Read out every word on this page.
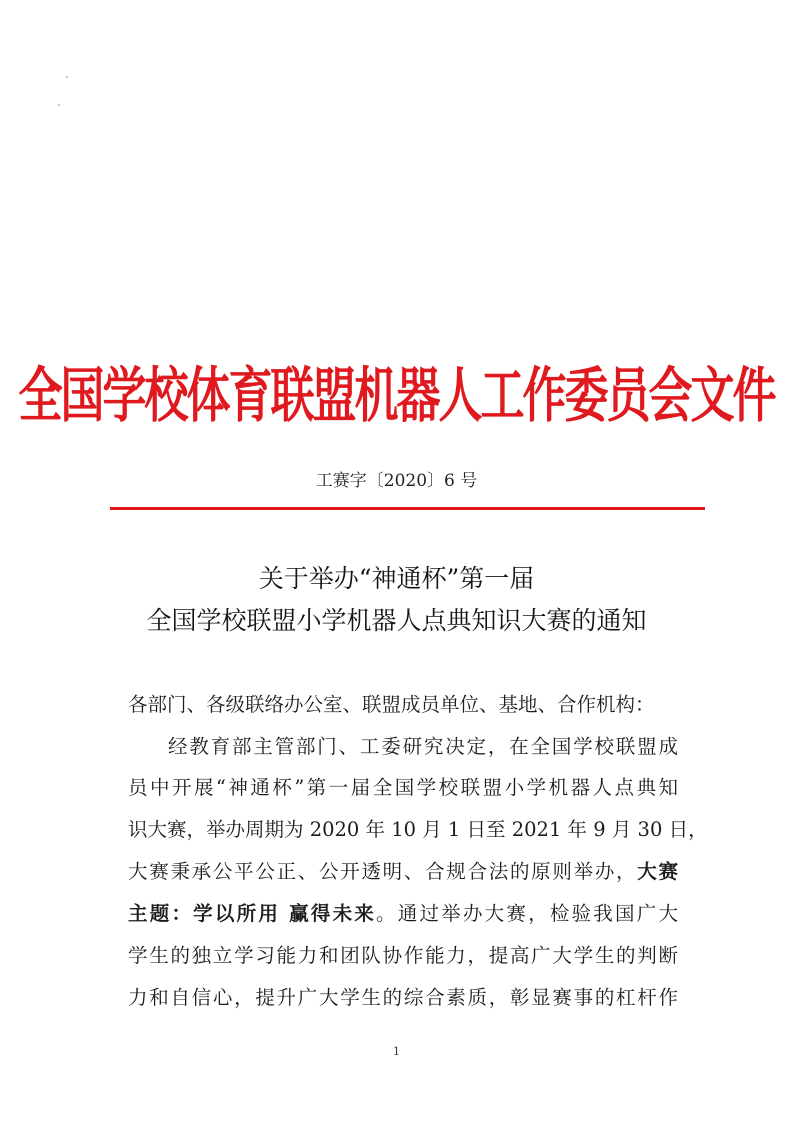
全国学校体育联盟机器人工作委员会文件
工赛字〔2020〕6 号
关于举办“神通杯”第一届
全国学校联盟小学机器人点典知识大赛的通知
各部门、各级联络办公室、联盟成员单位、基地、合作机构：
经教育部主管部门、工委研究决定，在全国学校联盟成
员中开展“神通杯”第一届全国学校联盟小学机器人点典知
识大赛，举办周期为 2020 年 10 月 1 日至 2021 年 9 月 30 日，
大赛秉承公平公正、公开透明、合规合法的原则举办，大赛
主题：学以所用 赢得未来。通过举办大赛，检验我国广大
学生的独立学习能力和团队协作能力，提高广大学生的判断
力和自信心，提升广大学生的综合素质，彰显赛事的杠杆作
1
